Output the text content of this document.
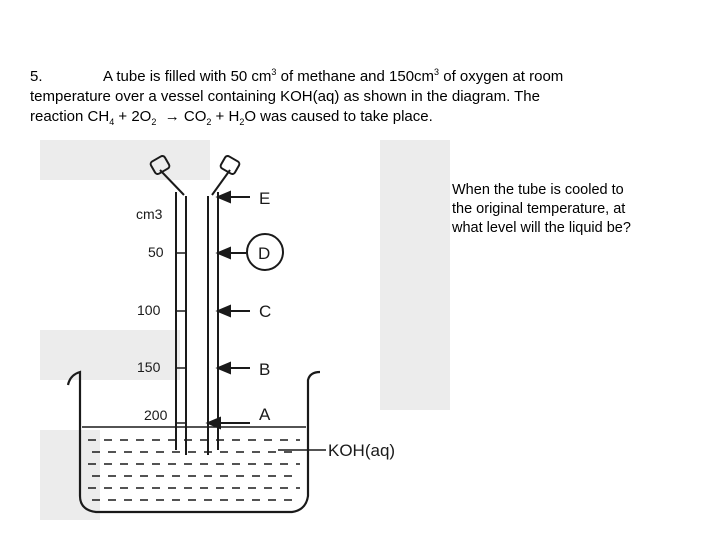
5.	A tube is filled with 50 $cm^3$ of methane and $150cm^3$ of oxygen at room
temperature over a vessel containing KOH(aq) as shown in the diagram. The
reaction $CH_4 + 2O_2 \to CO_2 + H_2O$ was caused to take place.
When the tube is cooled to
the original temperature, at
what level will the liquid be?
cm3
50
100
150
200
E
D
C
B
A
KOH(aq)
